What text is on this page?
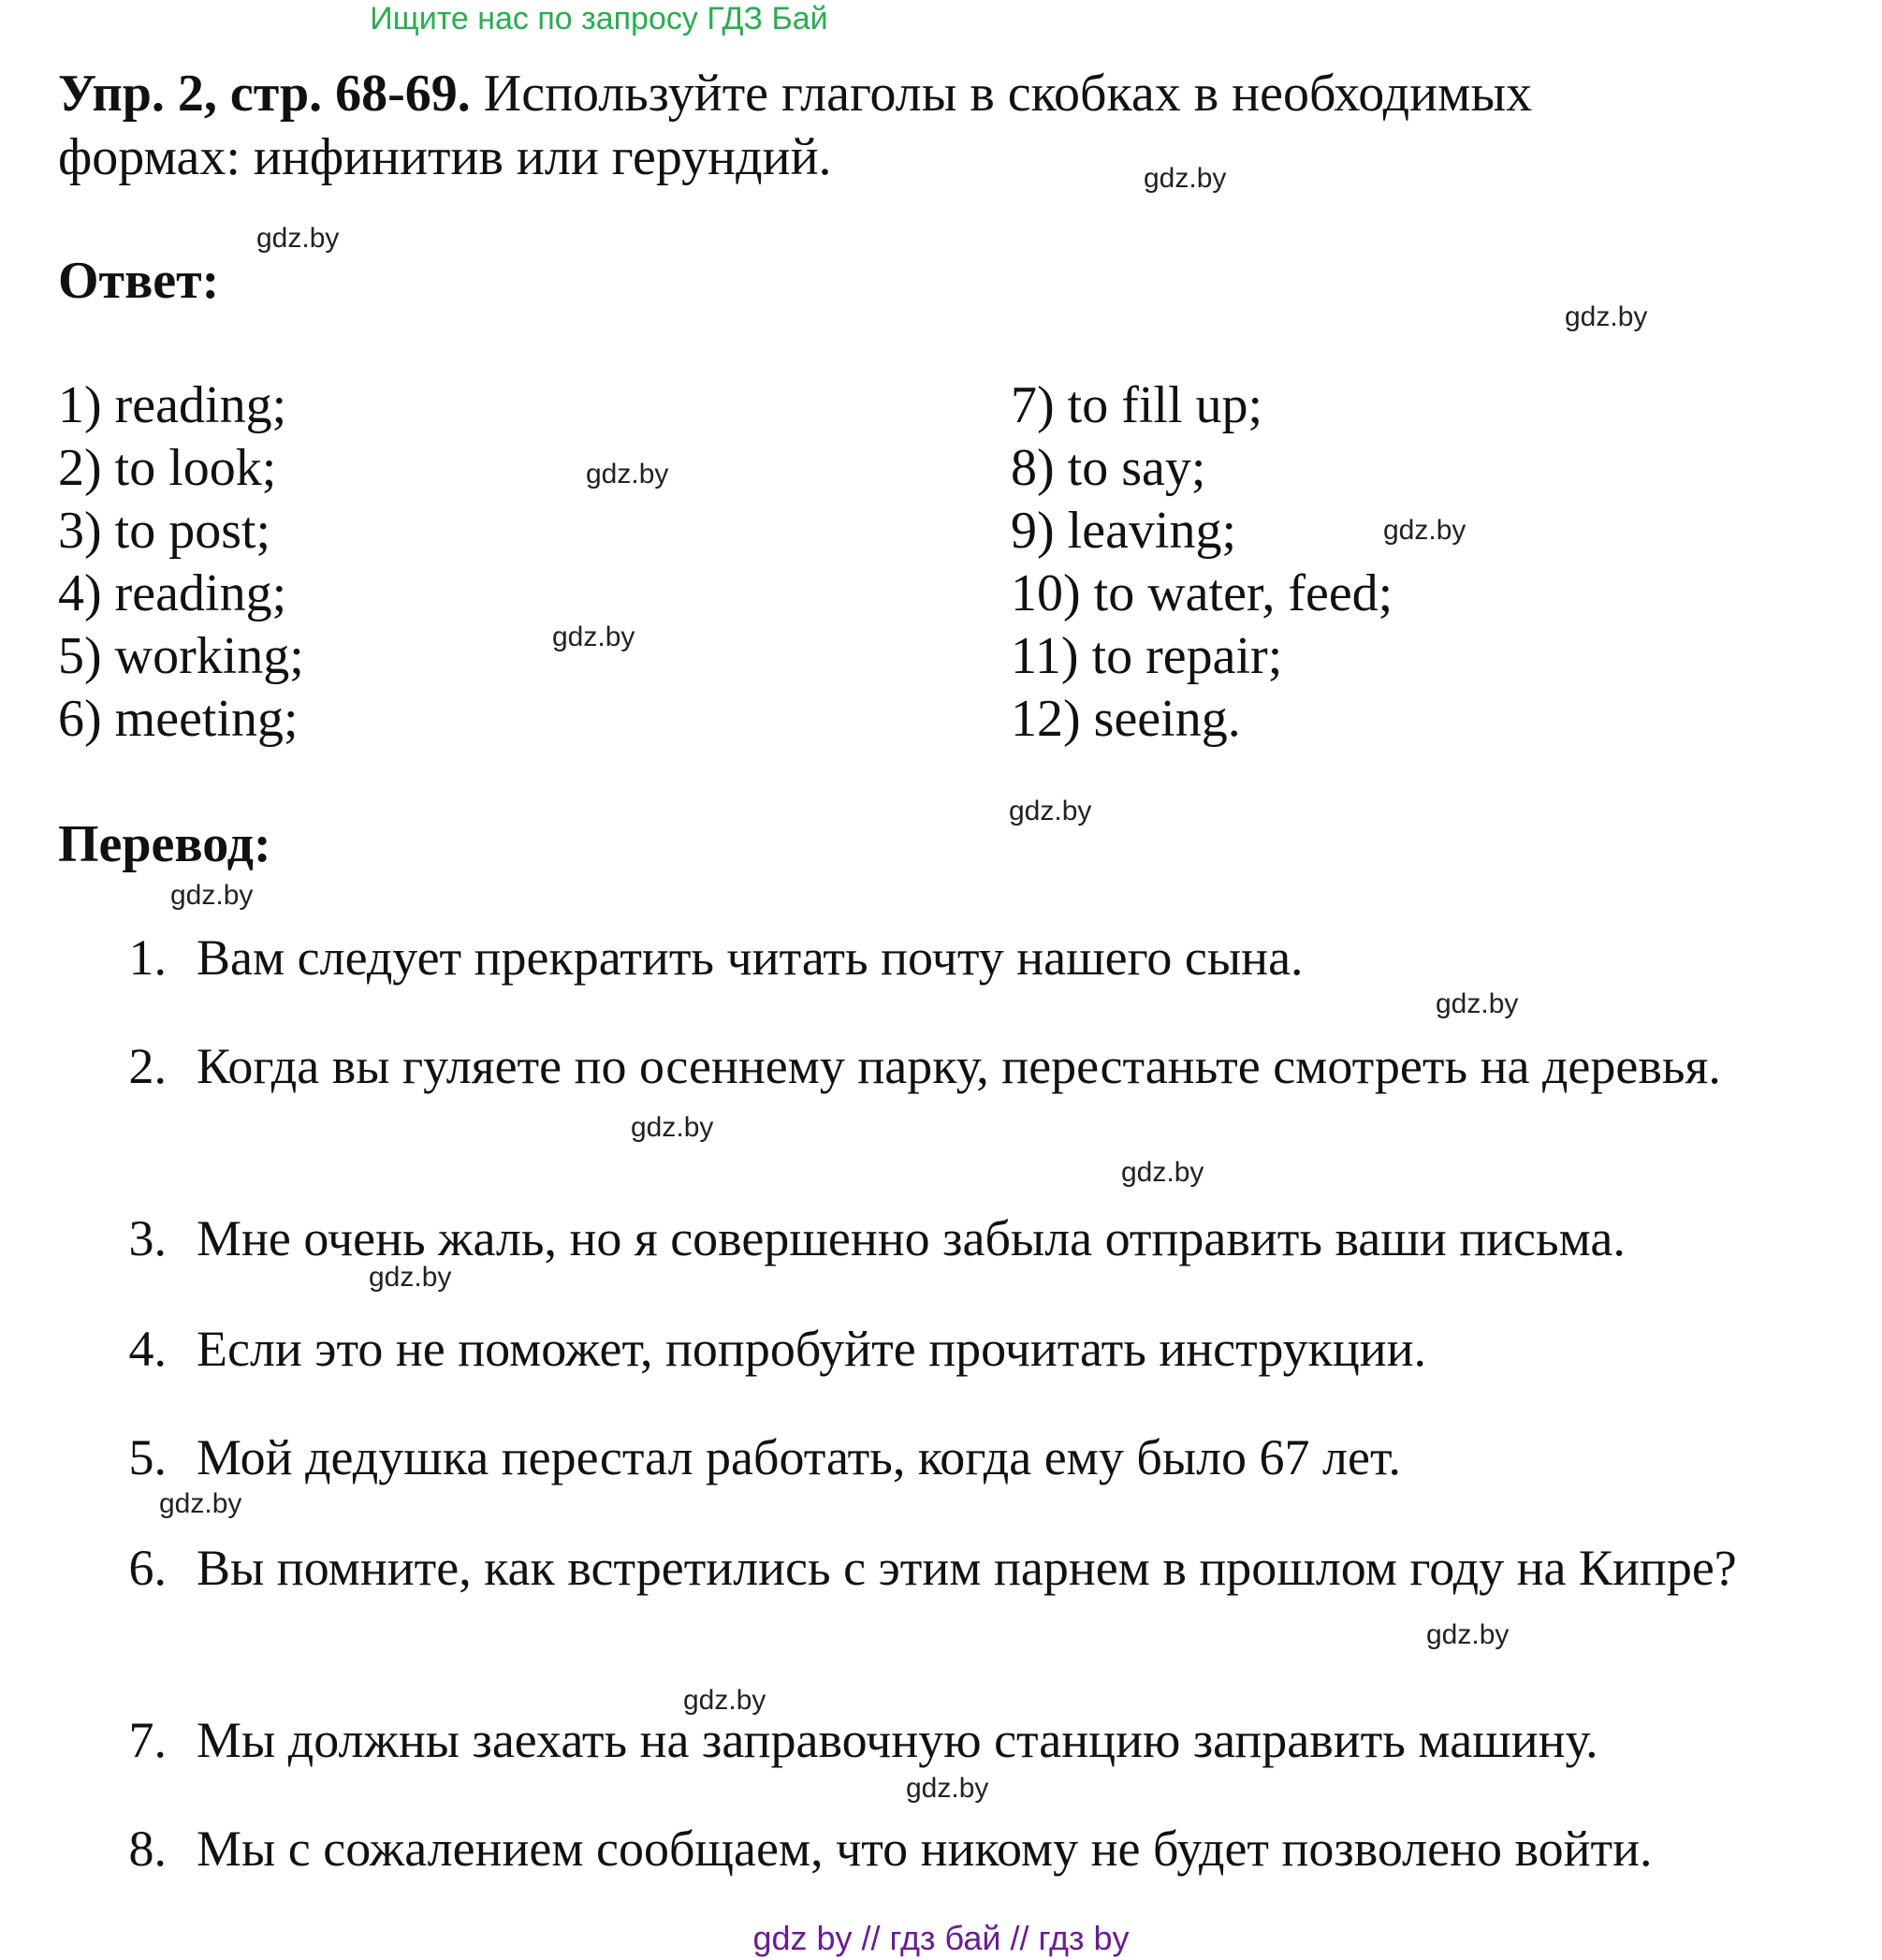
Ищите нас по запросу ГДЗ Бай
Упр. 2, стр. 68-69. Используйте глаголы в скобках в необходимых формах: инфинитив или герундий.
Ответ:
1) reading;
2) to look;
3) to post;
4) reading;
5) working;
6) meeting;
7) to fill up;
8) to say;
9) leaving;
10) to water, feed;
11) to repair;
12) seeing.
Перевод:
1. Вам следует прекратить читать почту нашего сына.
2. Когда вы гуляете по осеннему парку, перестаньте смотреть на деревья.
3. Мне очень жаль, но я совершенно забыла отправить ваши письма.
4. Если это не поможет, попробуйте прочитать инструкции.
5. Мой дедушка перестал работать, когда ему было 67 лет.
6. Вы помните, как встретились с этим парнем в прошлом году на Кипре?
7. Мы должны заехать на заправочную станцию заправить машину.
8. Мы с сожалением сообщаем, что никому не будет позволено войти.
gdz.by
gdz.by
gdz.by
gdz.by
gdz.by
gdz.by
gdz.by
gdz.by
gdz.by
gdz.by
gdz.by
gdz.by
gdz.by
gdz.by
gdz.by
gdz.by
gdz by // гдз бай // гдз by
